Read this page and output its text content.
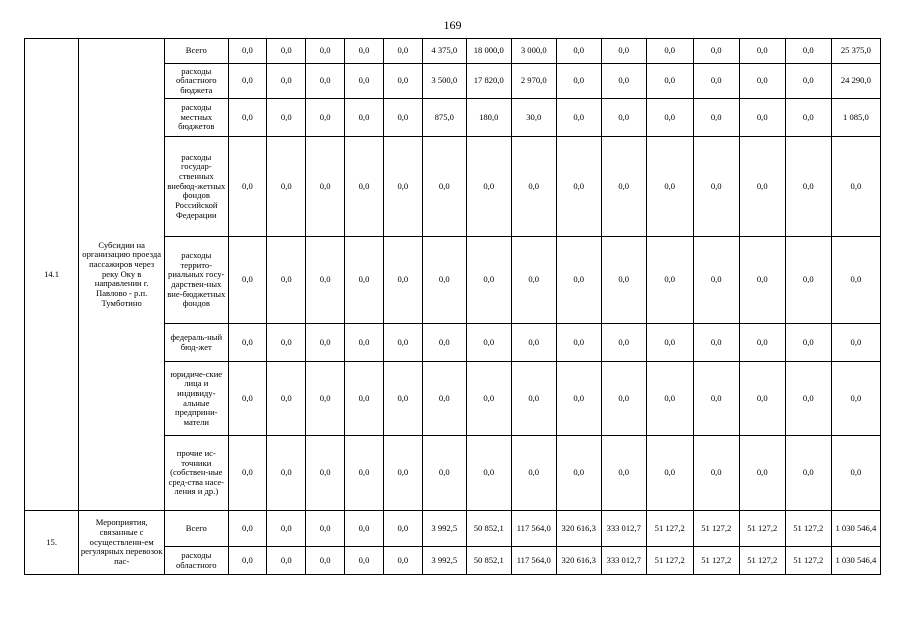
169
14.1	Субсидии на организацию проезда пассажиров через реку Оку в направлении г. Павлово - р.п. Тумботино	Всего	0,0	0,0	0,0	0,0	0,0	4 375,0	18 000,0	3 000,0	0,0	0,0	0,0	0,0	0,0	0,0	25 375,0
		расходы областного бюджета	0,0	0,0	0,0	0,0	0,0	3 500,0	17 820,0	2 970,0	0,0	0,0	0,0	0,0	0,0	0,0	24 290,0
		расходы местных бюджетов	0,0	0,0	0,0	0,0	0,0	875,0	180,0	30,0	0,0	0,0	0,0	0,0	0,0	0,0	1 085,0
		расходы государ-ственных внебюд-жетных фондов Российской Федерации	0,0	0,0	0,0	0,0	0,0	0,0	0,0	0,0	0,0	0,0	0,0	0,0	0,0	0,0	0,0
		расходы террито-риальных госу-дарствен-ных вне-бюджетных фондов	0,0	0,0	0,0	0,0	0,0	0,0	0,0	0,0	0,0	0,0	0,0	0,0	0,0	0,0	0,0
		федераль-ный бюд-жет	0,0	0,0	0,0	0,0	0,0	0,0	0,0	0,0	0,0	0,0	0,0	0,0	0,0	0,0	0,0
		юридиче-ские лица и индивиду-альные предприни-матели	0,0	0,0	0,0	0,0	0,0	0,0	0,0	0,0	0,0	0,0	0,0	0,0	0,0	0,0	0,0
		прочие ис-точники (собствен-ные сред-ства насе-ления и др.)	0,0	0,0	0,0	0,0	0,0	0,0	0,0	0,0	0,0	0,0	0,0	0,0	0,0	0,0	0,0
15.	Мероприятия, связанные с осуществлени-ем регулярных перевозок пас-	Всего	0,0	0,0	0,0	0,0	0,0	3 992,5	50 852,1	117 564,0	320 616,3	333 012,7	51 127,2	51 127,2	51 127,2	51 127,2	1 030 546,4
		расходы областного	0,0	0,0	0,0	0,0	0,0	3 992,5	50 852,1	117 564,0	320 616,3	333 012,7	51 127,2	51 127,2	51 127,2	51 127,2	1 030 546,4
